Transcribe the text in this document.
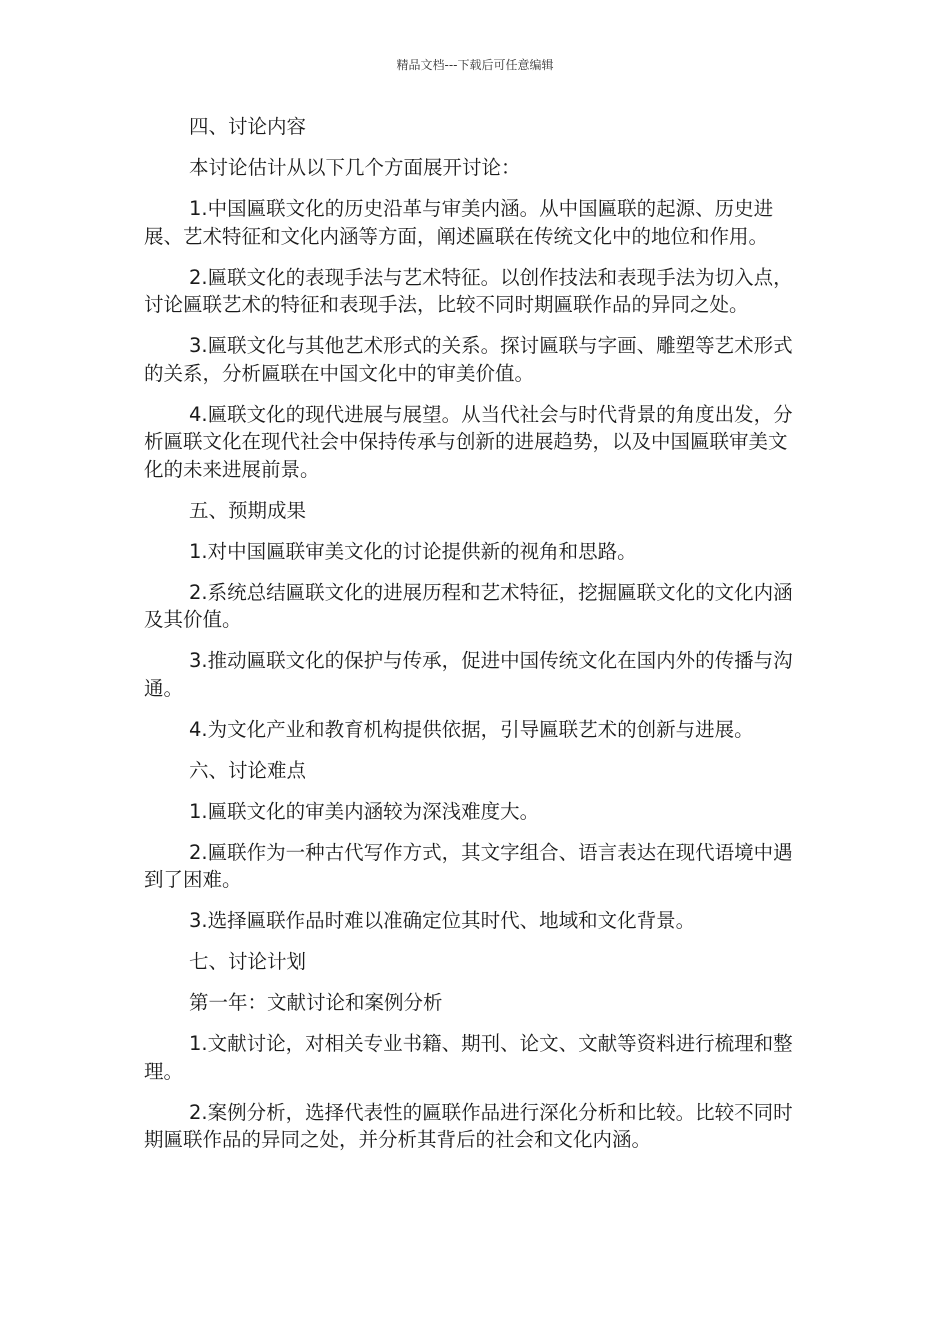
精品文档---下载后可任意编辑

四、讨论内容

本讨论估计从以下几个方面展开讨论：

1.中国匾联文化的历史沿革与审美内涵。从中国匾联的起源、历史进展、艺术特征和文化内涵等方面，阐述匾联在传统文化中的地位和作用。

2.匾联文化的表现手法与艺术特征。以创作技法和表现手法为切入点，讨论匾联艺术的特征和表现手法，比较不同时期匾联作品的异同之处。

3.匾联文化与其他艺术形式的关系。探讨匾联与字画、雕塑等艺术形式的关系，分析匾联在中国文化中的审美价值。

4.匾联文化的现代进展与展望。从当代社会与时代背景的角度出发，分析匾联文化在现代社会中保持传承与创新的进展趋势，以及中国匾联审美文化的未来进展前景。

五、预期成果

1.对中国匾联审美文化的讨论提供新的视角和思路。

2.系统总结匾联文化的进展历程和艺术特征，挖掘匾联文化的文化内涵及其价值。

3.推动匾联文化的保护与传承，促进中国传统文化在国内外的传播与沟通。

4.为文化产业和教育机构提供依据，引导匾联艺术的创新与进展。

六、讨论难点

1.匾联文化的审美内涵较为深浅难度大。

2.匾联作为一种古代写作方式，其文字组合、语言表达在现代语境中遇到了困难。

3.选择匾联作品时难以准确定位其时代、地域和文化背景。

七、讨论计划

第一年：文献讨论和案例分析

1.文献讨论，对相关专业书籍、期刊、论文、文献等资料进行梳理和整理。

2.案例分析，选择代表性的匾联作品进行深化分析和比较。比较不同时期匾联作品的异同之处，并分析其背后的社会和文化内涵。
